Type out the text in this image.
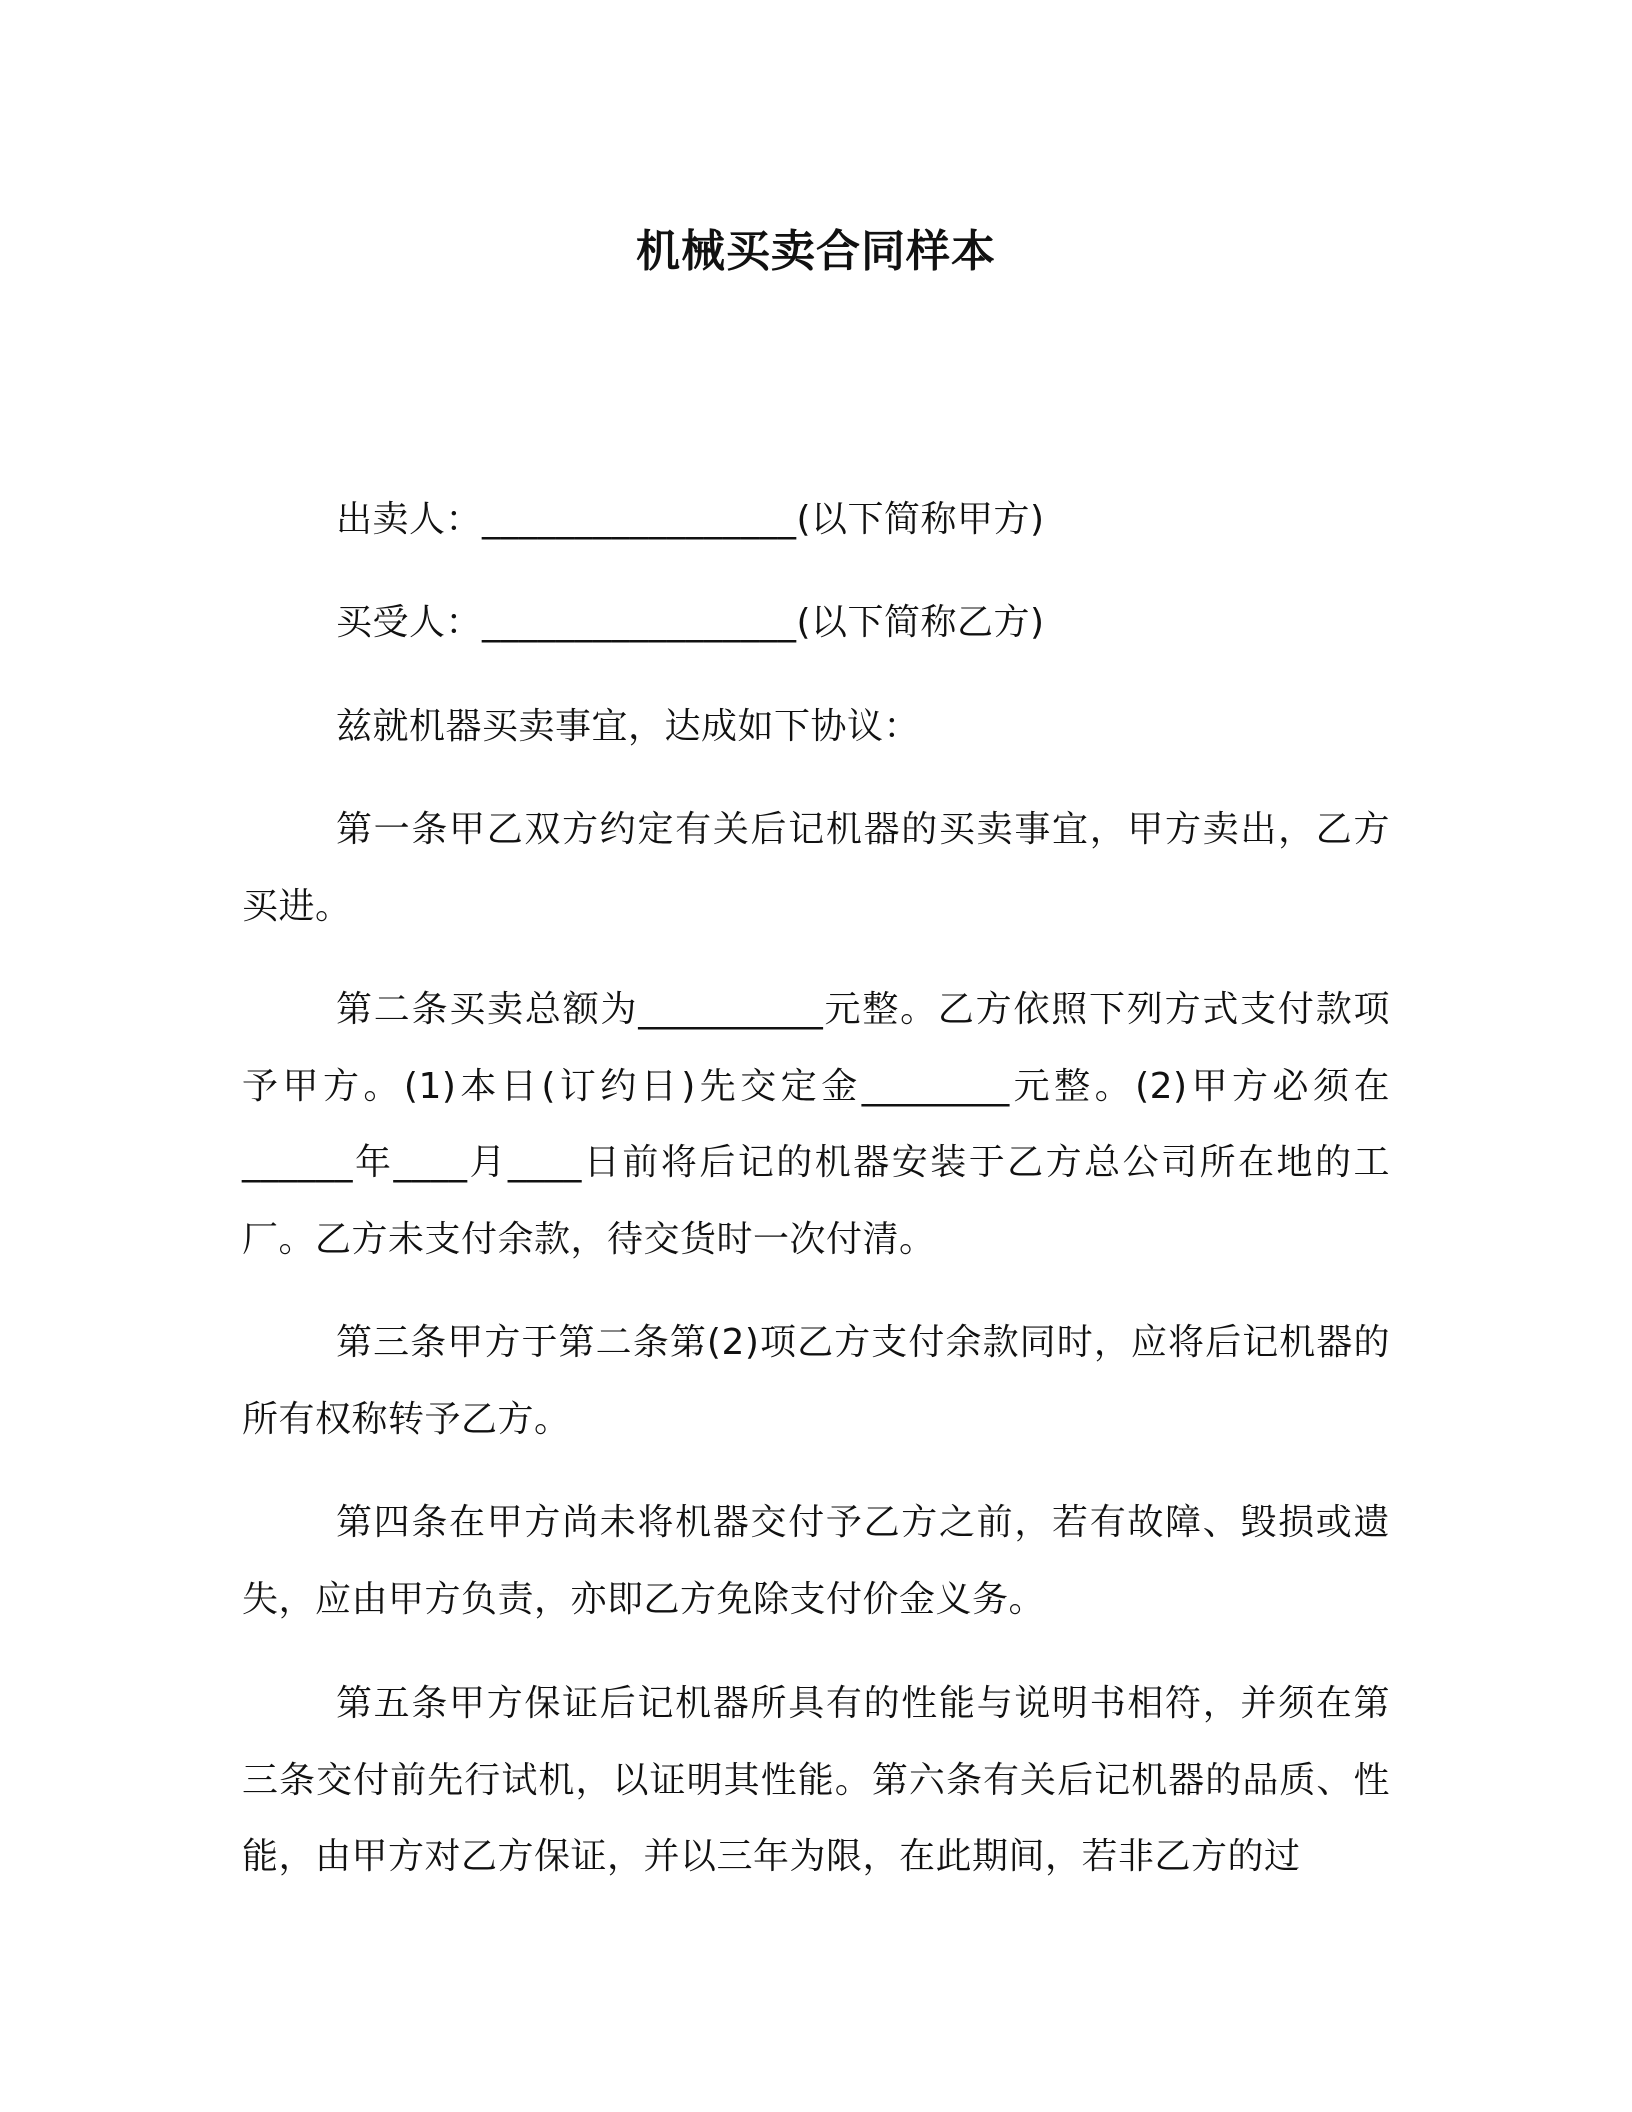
机械买卖合同样本
出卖人：_________________(以下简称甲方)
买受人：_________________(以下简称乙方)
兹就机器买卖事宜，达成如下协议：
第一条甲乙双方约定有关后记机器的买卖事宜，甲方卖出，乙方买进。
第二条买卖总额为__________元整。乙方依照下列方式支付款项予甲方。(1)本日(订约日)先交定金________元整。(2)甲方必须在______年____月____日前将后记的机器安装于乙方总公司所在地的工厂。乙方未支付余款，待交货时一次付清。
第三条甲方于第二条第(2)项乙方支付余款同时，应将后记机器的所有权称转予乙方。
第四条在甲方尚未将机器交付予乙方之前，若有故障、毁损或遗失，应由甲方负责，亦即乙方免除支付价金义务。
第五条甲方保证后记机器所具有的性能与说明书相符，并须在第三条交付前先行试机，以证明其性能。第六条有关后记机器的品质、性能，由甲方对乙方保证，并以三年为限，在此期间，若非乙方的过
